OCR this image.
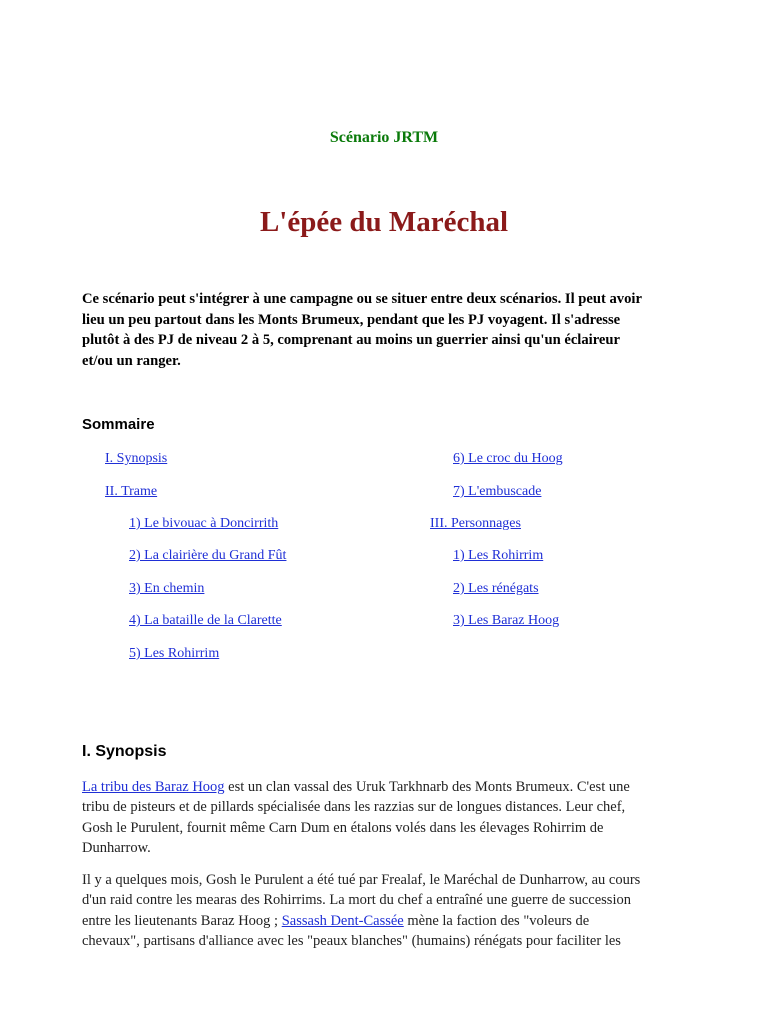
Scénario JRTM
L'épée du Maréchal
Ce scénario peut s'intégrer à une campagne ou se situer entre deux scénarios. Il peut avoir
lieu un peu partout dans les Monts Brumeux, pendant que les PJ voyagent. Il s'adresse
plutôt à des PJ de niveau 2 à 5, comprenant au moins un guerrier ainsi qu'un éclaireur
et/ou un ranger.
Sommaire
I. Synopsis
II. Trame
1) Le bivouac à Doncirrith
2) La clairière du Grand Fût
3) En chemin
4) La bataille de la Clarette
5) Les Rohirrim
6) Le croc du Hoog
7) L'embuscade
III. Personnages
1) Les Rohirrim
2) Les rénégats
3) Les Baraz Hoog
I. Synopsis
La tribu des Baraz Hoog est un clan vassal des Uruk Tarkhnarb des Monts Brumeux. C'est une
tribu de pisteurs et de pillards spécialisée dans les razzias sur de longues distances. Leur chef,
Gosh le Purulent, fournit même Carn Dum en étalons volés dans les élevages Rohirrim de
Dunharrow.
Il y a quelques mois, Gosh le Purulent a été tué par Frealaf, le Maréchal de Dunharrow, au cours
d'un raid contre les mearas des Rohirrims. La mort du chef a entraîné une guerre de succession
entre les lieutenants Baraz Hoog ; Sassash Dent-Cassée mène la faction des "voleurs de
chevaux", partisans d'alliance avec les "peaux blanches" (humains) rénégats pour faciliter les
